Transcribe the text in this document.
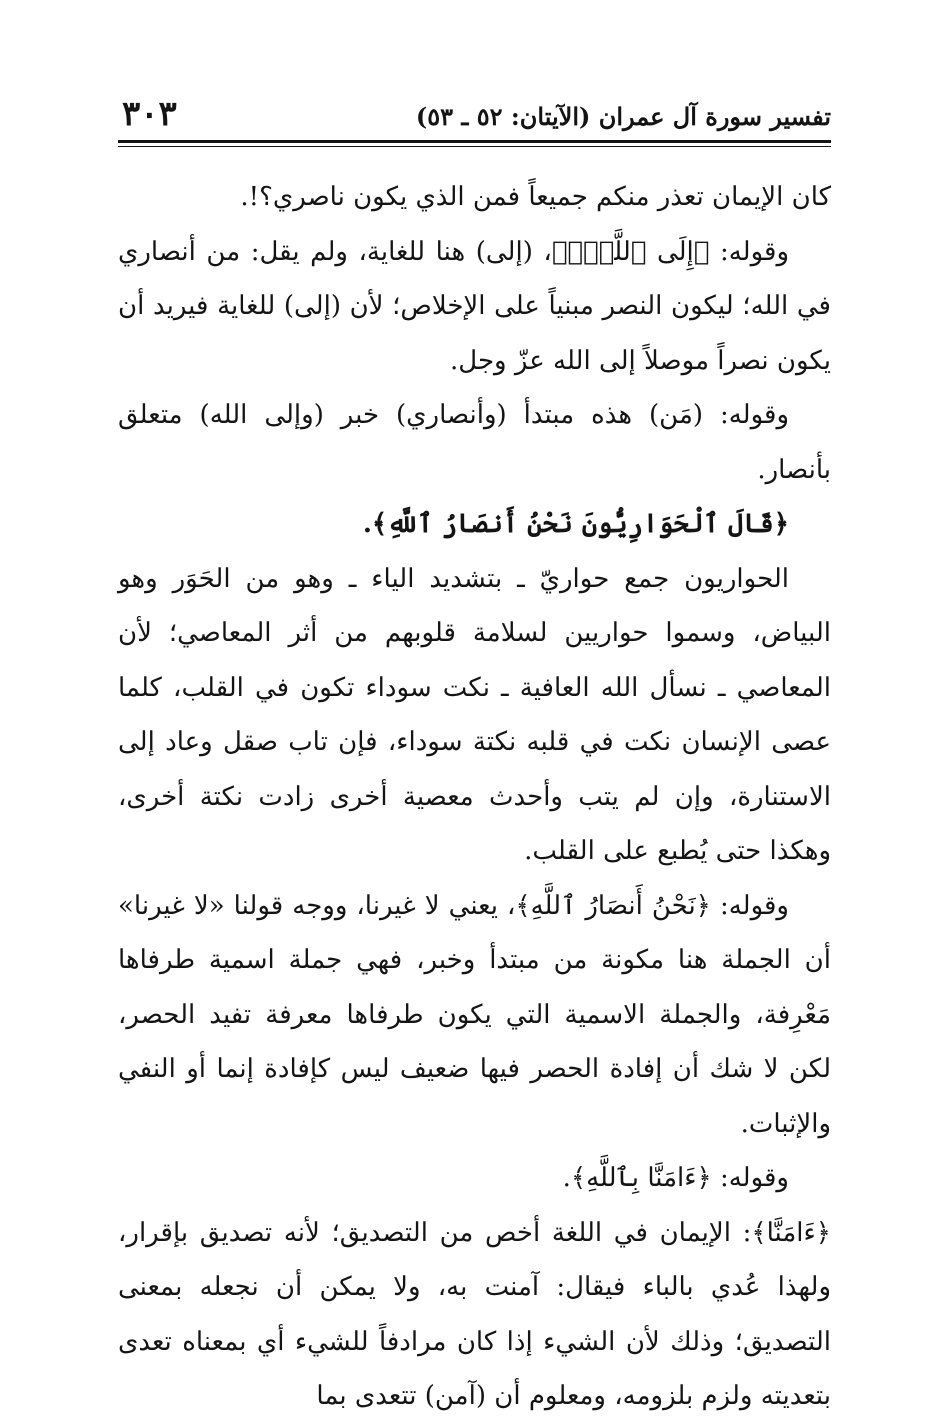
تفسير سورة آل عمران (الآيتان: ٥٢ ـ ٥٣)
٣٠٣

كان الإيمان تعذر منكم جميعاً فمن الذي يكون ناصري؟!.

وقوله: ﴿إِلَى ٱللَّهِۖ﴾، (إلى) هنا للغاية، ولم يقل: من أنصاري في الله؛ ليكون النصر مبنياً على الإخلاص؛ لأن (إلى) للغاية فيريد أن يكون نصراً موصلاً إلى الله عزّ وجل.

وقوله: (مَن) هذه مبتدأ (وأنصاري) خبر (وإلى الله) متعلق بأنصار.

﴿قَالَ ٱلْحَوَارِيُّونَ نَحْنُ أَنصَارُ ٱللَّهِ﴾.

الحواريون جمع حواريّ ـ بتشديد الياء ـ وهو من الحَوَر وهو البياض، وسموا حواريين لسلامة قلوبهم من أثر المعاصي؛ لأن المعاصي ـ نسأل الله العافية ـ نكت سوداء تكون في القلب، كلما عصى الإنسان نكت في قلبه نكتة سوداء، فإن تاب صقل وعاد إلى الاستنارة، وإن لم يتب وأحدث معصية أخرى زادت نكتة أخرى، وهكذا حتى يُطبع على القلب.

وقوله: ﴿نَحْنُ أَنصَارُ ٱللَّهِ﴾، يعني لا غيرنا، ووجه قولنا «لا غيرنا» أن الجملة هنا مكونة من مبتدأ وخبر، فهي جملة اسمية طرفاها مَعْرِفة، والجملة الاسمية التي يكون طرفاها معرفة تفيد الحصر، لكن لا شك أن إفادة الحصر فيها ضعيف ليس كإفادة إنما أو النفي والإثبات.

وقوله: ﴿ءَامَنَّا بِٱللَّهِ﴾.

﴿ءَامَنَّا﴾: الإيمان في اللغة أخص من التصديق؛ لأنه تصديق بإقرار، ولهذا عُدي بالباء فيقال: آمنت به، ولا يمكن أن نجعله بمعنى التصديق؛ وذلك لأن الشيء إذا كان مرادفاً للشيء أي بمعناه تعدى بتعديته ولزم بلزومه، ومعلوم أن (آمن) تتعدى بما
